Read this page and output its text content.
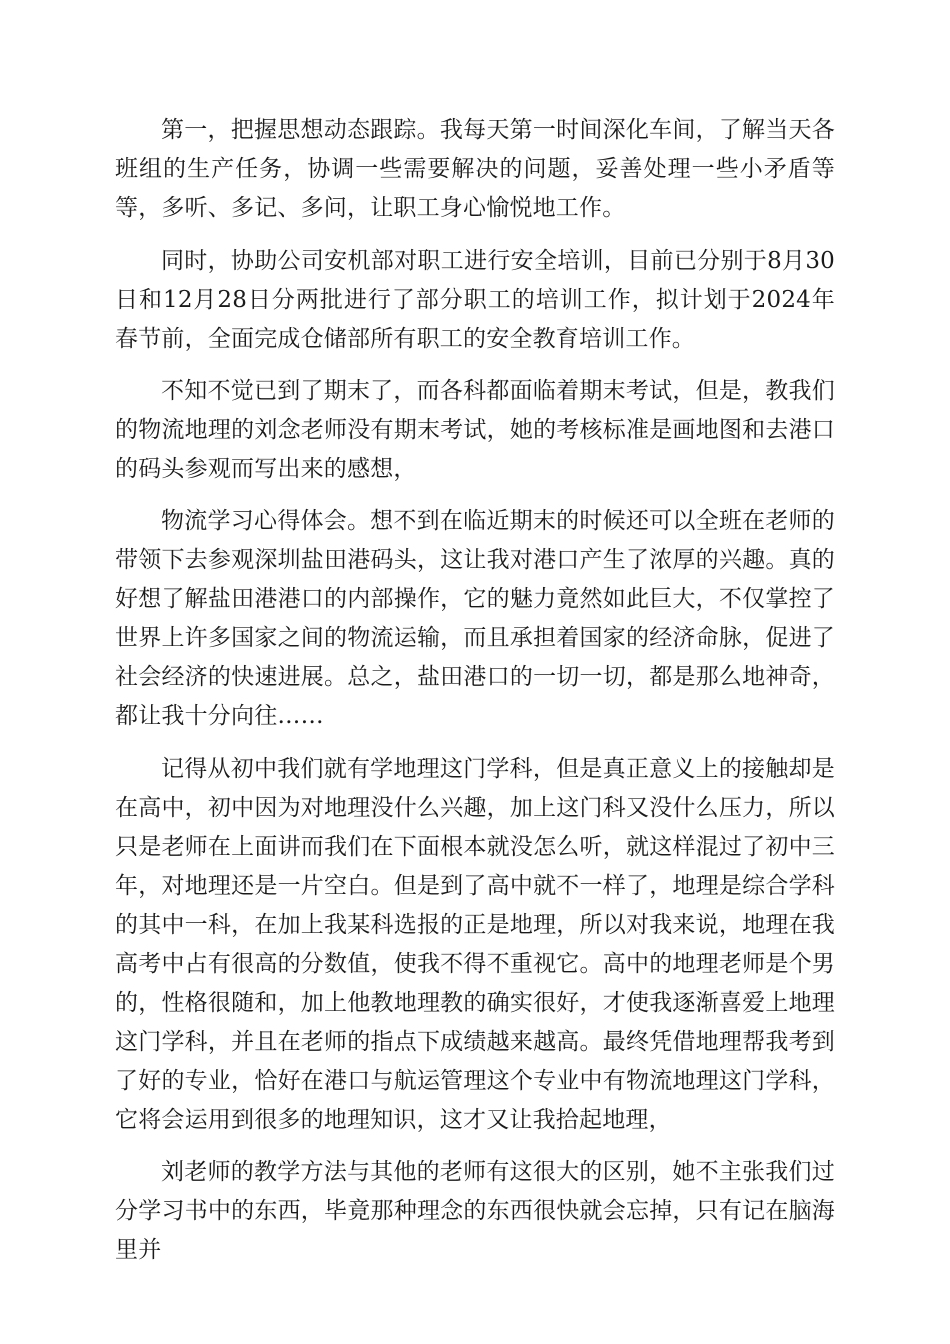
第一，把握思想动态跟踪。我每天第一时间深化车间，了解当天各班组的生产任务，协调一些需要解决的问题，妥善处理一些小矛盾等等，多听、多记、多问，让职工身心愉悦地工作。

同时，协助公司安机部对职工进行安全培训，目前已分别于8月30日和12月28日分两批进行了部分职工的培训工作，拟计划于2024年春节前，全面完成仓储部所有职工的安全教育培训工作。

不知不觉已到了期末了，而各科都面临着期末考试，但是，教我们的物流地理的刘念老师没有期末考试，她的考核标准是画地图和去港口的码头参观而写出来的感想，

物流学习心得体会。想不到在临近期末的时候还可以全班在老师的带领下去参观深圳盐田港码头，这让我对港口产生了浓厚的兴趣。真的好想了解盐田港港口的内部操作，它的魅力竟然如此巨大，不仅掌控了世界上许多国家之间的物流运输，而且承担着国家的经济命脉，促进了社会经济的快速进展。总之，盐田港口的一切一切，都是那么地神奇，都让我十分向往……

记得从初中我们就有学地理这门学科，但是真正意义上的接触却是在高中，初中因为对地理没什么兴趣，加上这门科又没什么压力，所以只是老师在上面讲而我们在下面根本就没怎么听，就这样混过了初中三年，对地理还是一片空白。但是到了高中就不一样了，地理是综合学科的其中一科，在加上我某科选报的正是地理，所以对我来说，地理在我高考中占有很高的分数值，使我不得不重视它。高中的地理老师是个男的，性格很随和，加上他教地理教的确实很好，才使我逐渐喜爱上地理这门学科，并且在老师的指点下成绩越来越高。最终凭借地理帮我考到了好的专业，恰好在港口与航运管理这个专业中有物流地理这门学科，它将会运用到很多的地理知识，这才又让我拾起地理，

刘老师的教学方法与其他的老师有这很大的区别，她不主张我们过分学习书中的东西，毕竟那种理念的东西很快就会忘掉，只有记在脑海里并
